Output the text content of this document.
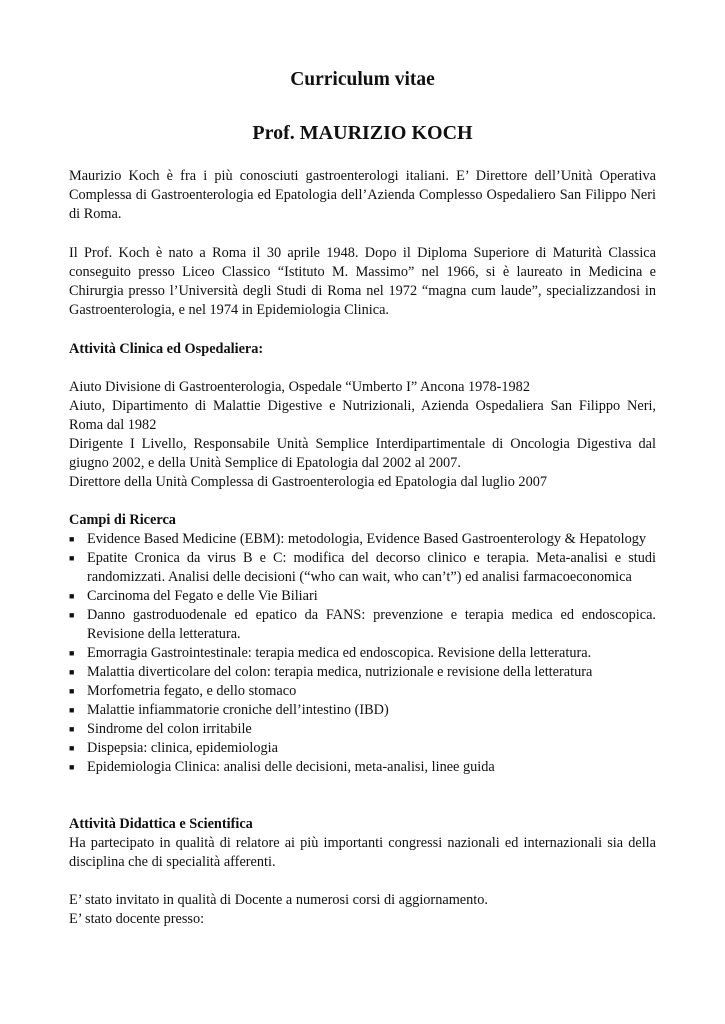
Curriculum vitae
Prof. MAURIZIO KOCH

Maurizio Koch è fra i più conosciuti gastroenterologi italiani. E’ Direttore dell’Unità Operativa Complessa di Gastroenterologia ed Epatologia dell’Azienda Complesso Ospedaliero San Filippo Neri di Roma.

Il Prof. Koch è nato a Roma il 30 aprile 1948. Dopo il Diploma Superiore di Maturità Classica conseguito presso Liceo Classico “Istituto M. Massimo” nel 1966, si è laureato in Medicina e Chirurgia presso l’Università degli Studi di Roma nel 1972 “magna cum laude”, specializzandosi in Gastroenterologia, e nel 1974 in Epidemiologia Clinica.

Attività Clinica ed Ospedaliera:
Aiuto Divisione di Gastroenterologia, Ospedale “Umberto I” Ancona 1978-1982
Aiuto, Dipartimento di Malattie Digestive e Nutrizionali, Azienda Ospedaliera San Filippo Neri, Roma dal 1982
Dirigente I Livello, Responsabile Unità Semplice Interdipartimentale di Oncologia Digestiva dal giugno 2002, e della Unità Semplice di Epatologia dal 2002 al 2007.
Direttore della Unità Complessa di Gastroenterologia ed Epatologia dal luglio 2007
Campi di Ricerca
■ Evidence Based Medicine (EBM): metodologia, Evidence Based Gastroenterology & Hepatology
■ Epatite Cronica da virus B e C: modifica del decorso clinico e terapia. Meta-analisi e studi randomizzati. Analisi delle decisioni (“who can wait, who can’t”) ed analisi farmacoeconomica
■ Carcinoma del Fegato e delle Vie Biliari
■ Danno gastroduodenale ed epatico da FANS: prevenzione e terapia medica ed endoscopica. Revisione della letteratura.
■ Emorragia Gastrointestinale: terapia medica ed endoscopica. Revisione della letteratura.
■ Malattia diverticolare del colon: terapia medica, nutrizionale e revisione della letteratura
■ Morfometria fegato, e dello stomaco
■ Malattie infiammatorie croniche dell’intestino (IBD)
■ Sindrome del colon irritabile
■ Dispepsia: clinica, epidemiologia
■ Epidemiologia Clinica: analisi delle decisioni, meta-analisi, linee guida
Attività Didattica e Scientifica

Ha partecipato in qualità di relatore ai più importanti congressi nazionali ed internazionali sia della disciplina che di specialità afferenti.

E’ stato invitato in qualità di Docente a numerosi corsi di aggiornamento.
E’ stato docente presso:
